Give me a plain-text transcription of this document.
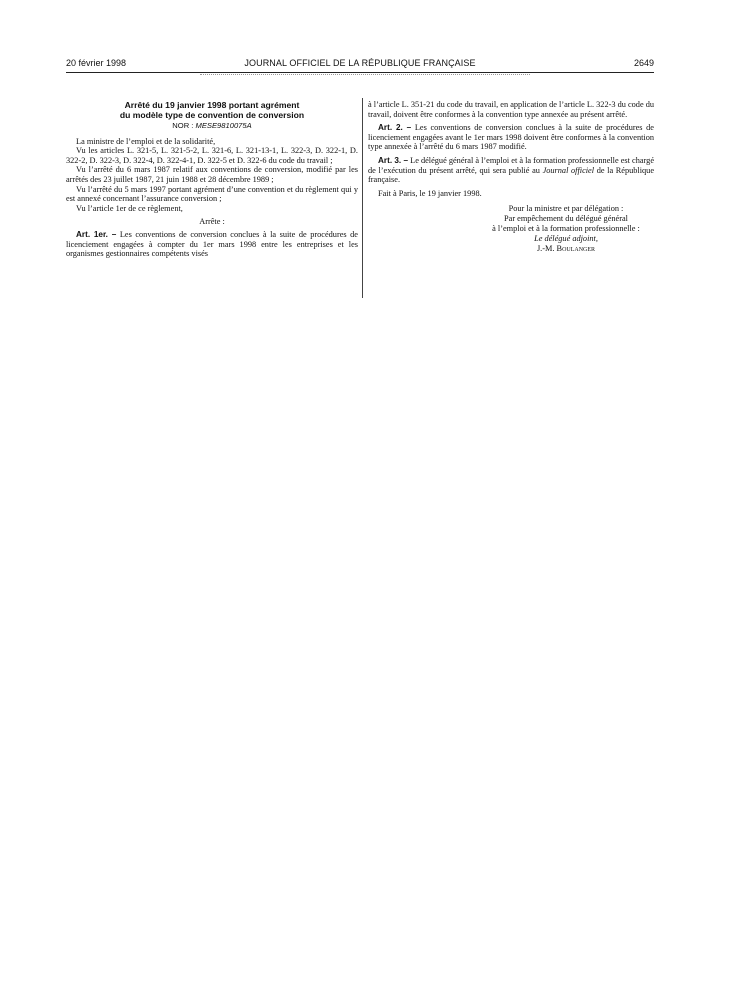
20 février 1998	JOURNAL OFFICIEL DE LA RÉPUBLIQUE FRANÇAISE	2649
Arrêté du 19 janvier 1998 portant agrément
du modèle type de convention de conversion
NOR : MESE9810075A

La ministre de l’emploi et de la solidarité,

Vu les articles L. 321-5, L. 321-5-2, L. 321-6, L. 321-13-1, L. 322-3, D. 322-1, D. 322-2, D. 322-3, D. 322-4, D. 322-4-1, D. 322-5 et D. 322-6 du code du travail ;

Vu l’arrêté du 6 mars 1987 relatif aux conventions de conversion, modifié par les arrêtés des 23 juillet 1987, 21 juin 1988 et 28 décembre 1989 ;

Vu l’arrêté du 5 mars 1997 portant agrément d’une convention et du règlement qui y est annexé concernant l’assurance conversion ;

Vu l’article 1er de ce règlement,

Arrête :

Art. 1er. – Les conventions de conversion conclues à la suite de procédures de licenciement engagées à compter du 1er mars 1998 entre les entreprises et les organismes gestionnaires compétents visés

à l’article L. 351-21 du code du travail, en application de l’article L. 322-3 du code du travail, doivent être conformes à la convention type annexée au présent arrêté.

Art. 2. – Les conventions de conversion conclues à la suite de procédures de licenciement engagées avant le 1er mars 1998 doivent être conformes à la convention type annexée à l’arrêté du 6 mars 1987 modifié.

Art. 3. – Le délégué général à l’emploi et à la formation professionnelle est chargé de l’exécution du présent arrêté, qui sera publié au Journal officiel de la République française.

Fait à Paris, le 19 janvier 1998.

Pour la ministre et par délégation :
Par empêchement du délégué général
à l’emploi et à la formation professionnelle :
Le délégué adjoint,
J.-M. Boulanger
